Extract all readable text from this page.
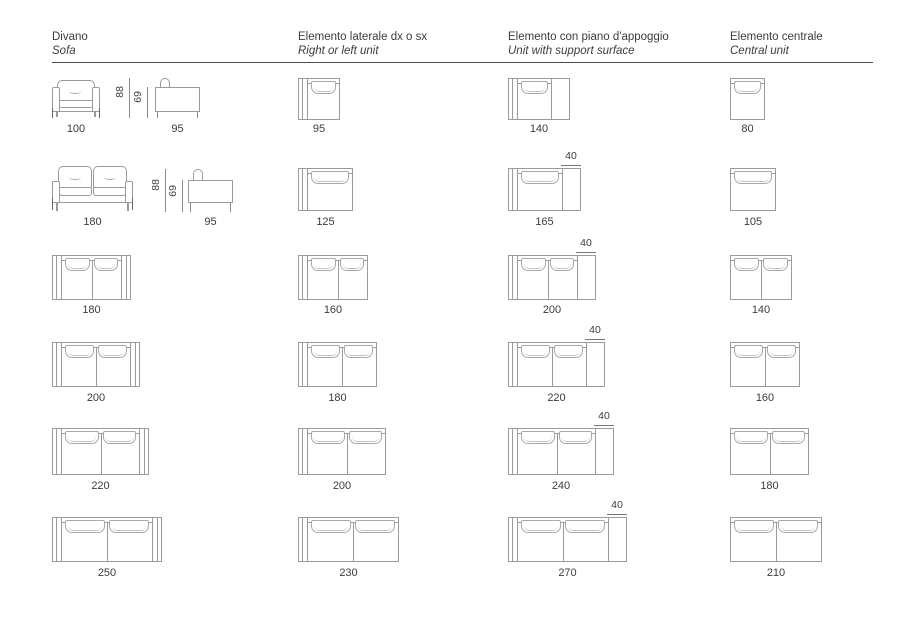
Divano
Sofa
Elemento laterale dx o sx
Right or left unit
Elemento con piano d'appoggio
Unit with support surface
Elemento centrale
Central unit
88 69
100	95
88
69
180	95
180
200
220
250
95
125
160
180
200
230
140
40
165
40
200
40
220
40
240
40
270
80
105
140
160
180
210
